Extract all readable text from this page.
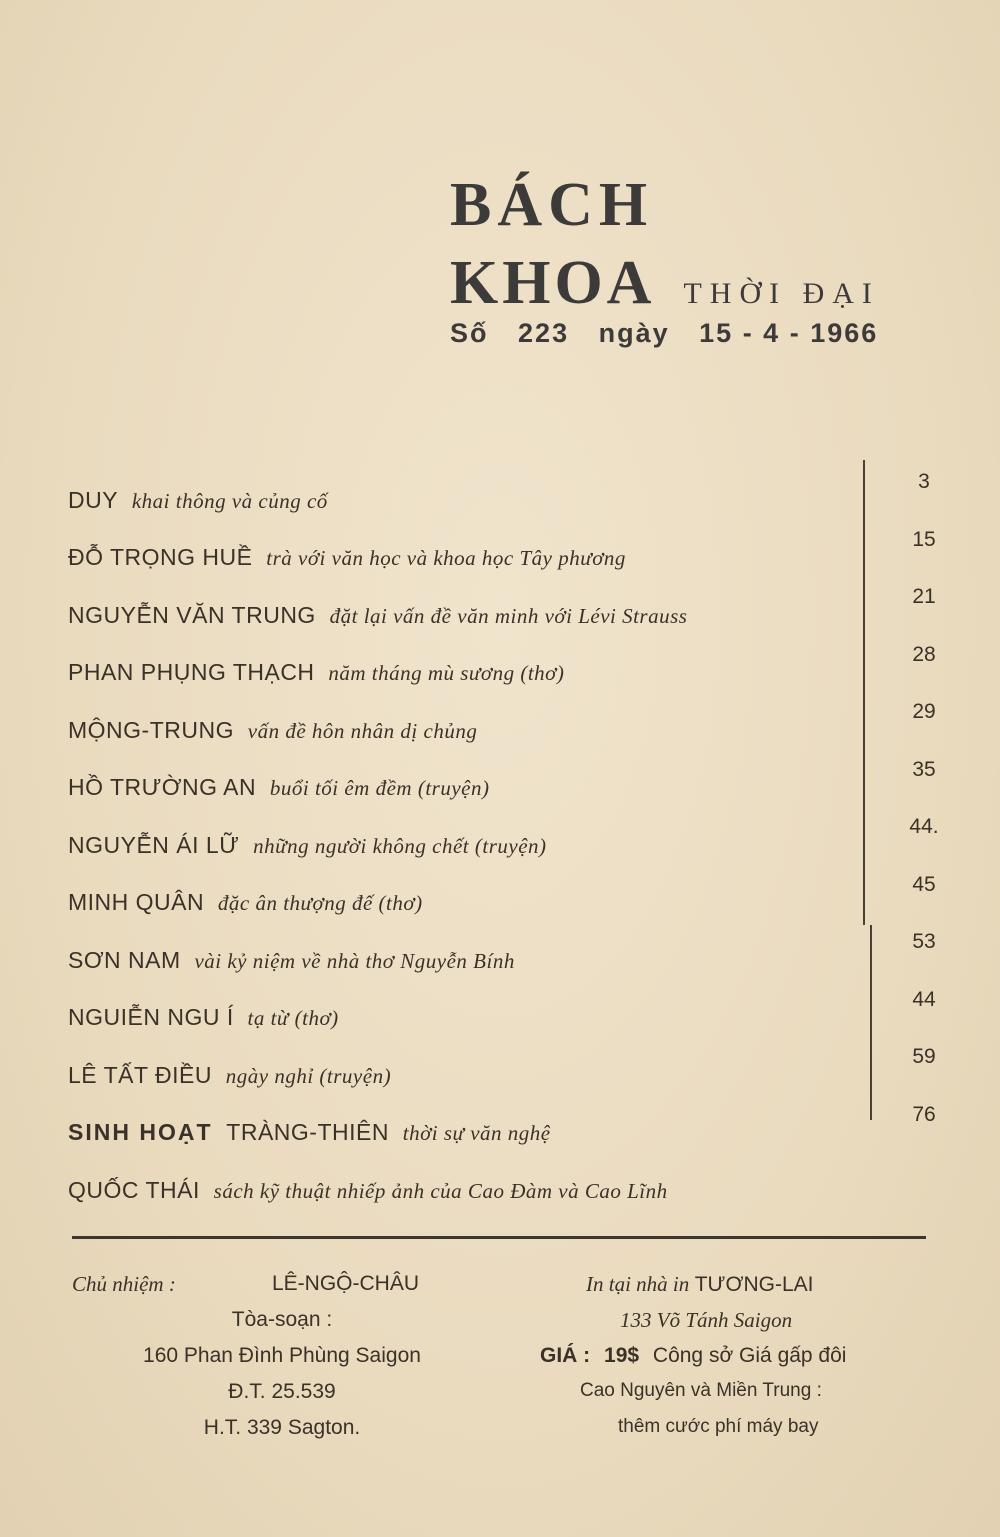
BÁCH
KHOA THỜI ĐẠI
Số 223 ngày 15 - 4 - 1966
DUY khai thông và củng cố
3
ĐỖ TRỌNG HUỀ trà với văn học và khoa học Tây phương
15
NGUYỄN VĂN TRUNG đặt lại vấn đề văn minh với Lévi Strauss
21
PHAN PHỤNG THẠCH năm tháng mù sương (thơ)
28
MỘNG-TRUNG vấn đề hôn nhân dị chủng
29
HỒ TRƯỜNG AN buổi tối êm đềm (truyện)
35
NGUYỄN ÁI LỮ những người không chết (truyện)
44.
MINH QUÂN đặc ân thượng đế (thơ)
45
SƠN NAM vài kỷ niệm về nhà thơ Nguyễn Bính
53
NGUIỄN NGU Í tạ từ (thơ)
44
LÊ TẤT ĐIỀU ngày nghỉ (truyện)
59
SINH HOẠT TRÀNG-THIÊN thời sự văn nghệ
76
QUỐC THÁI sách kỹ thuật nhiếp ảnh của Cao Đàm và Cao Lĩnh
Chủ nhiệm :	LÊ-NGỘ-CHÂU
Tòa-soạn :
160 Phan Đình Phùng Saigon
Đ.T. 25.539
H.T. 339 Sagton.
In tại nhà in TƯƠNG-LAI
133 Võ Tánh Saigon
GIÁ : 19$ Công sở Giá gấp đôi
Cao Nguyên và Miền Trung :
thêm cước phí máy bay
